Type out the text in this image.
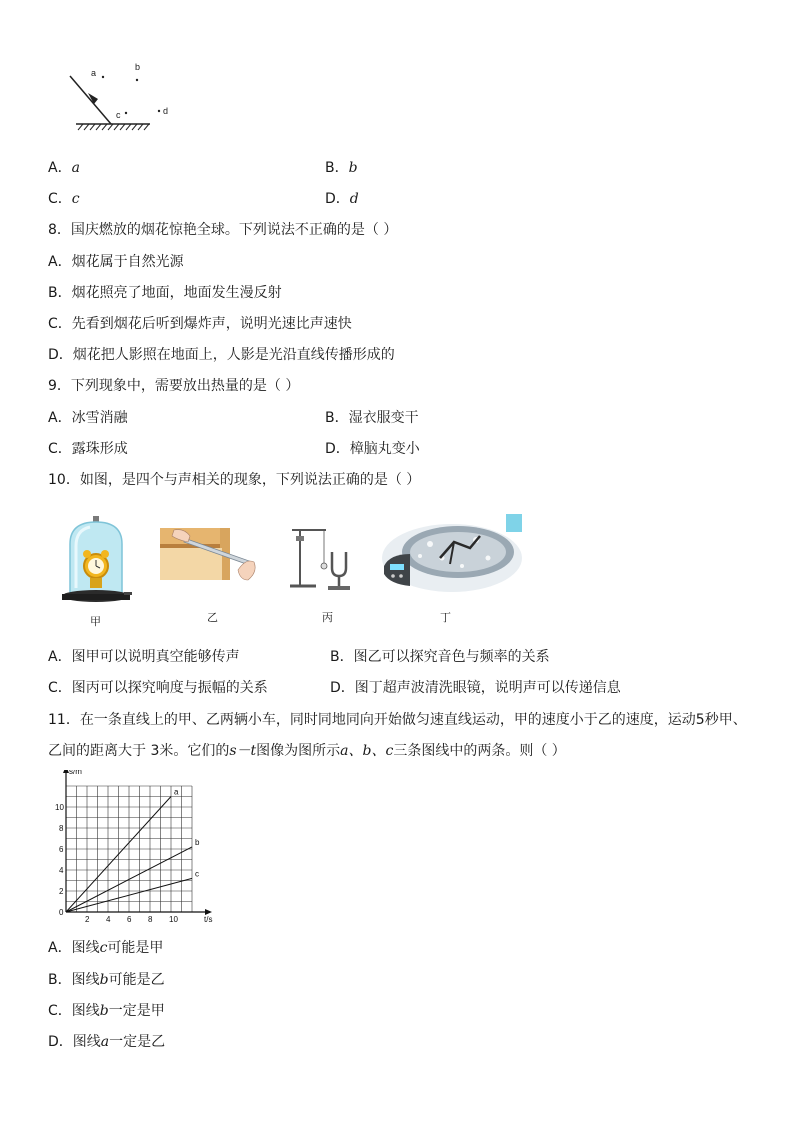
a
b
c	d
A．a	B．b
C．c	D．d
8．国庆燃放的烟花惊艳全球。下列说法不正确的是（ ）
A．烟花属于自然光源
B．烟花照亮了地面，地面发生漫反射
C．先看到烟花后听到爆炸声，说明光速比声速快
D．烟花把人影照在地面上，人影是光沿直线传播形成的
9．下列现象中，需要放出热量的是（ ）
A．冰雪消融	B．湿衣服变干
C．露珠形成	D．樟脑丸变小
10．如图，是四个与声相关的现象，下列说法正确的是（ ）
甲	乙	丙	丁
A．图甲可以说明真空能够传声	B．图乙可以探究音色与频率的关系
C．图丙可以探究响度与振幅的关系	D．图丁超声波清洗眼镜，说明声可以传递信息
11．在一条直线上的甲、乙两辆小车，同时同地同向开始做匀速直线运动，甲的速度小于乙的速度，运动5秒甲、
乙间的距离大于 3米。它们的s－t图像为图所示a、b、c三条图线中的两条。则（ ）
a
b
c
2 4 6 8 10
0
2
4
6
8
10
t/s
s/m
A．图线c可能是甲
B．图线b可能是乙
C．图线b一定是甲
D．图线a一定是乙
